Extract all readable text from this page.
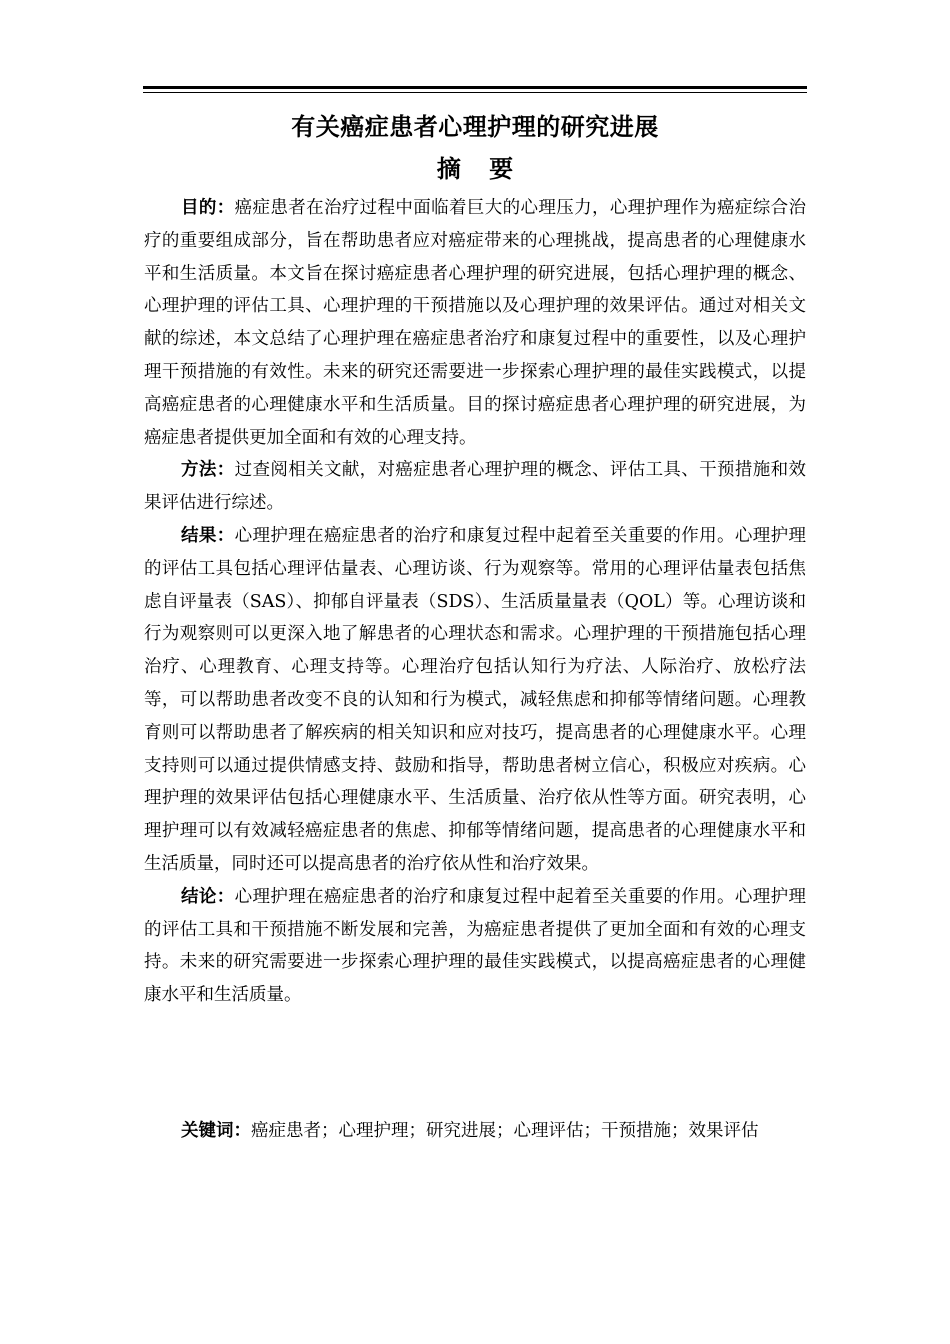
有关癌症患者心理护理的研究进展
摘 要

目的：癌症患者在治疗过程中面临着巨大的心理压力，心理护理作为癌症综合治疗的重要组成部分，旨在帮助患者应对癌症带来的心理挑战，提高患者的心理健康水平和生活质量。本文旨在探讨癌症患者心理护理的研究进展，包括心理护理的概念、心理护理的评估工具、心理护理的干预措施以及心理护理的效果评估。通过对相关文献的综述，本文总结了心理护理在癌症患者治疗和康复过程中的重要性，以及心理护理干预措施的有效性。未来的研究还需要进一步探索心理护理的最佳实践模式，以提高癌症患者的心理健康水平和生活质量。目的探讨癌症患者心理护理的研究进展，为癌症患者提供更加全面和有效的心理支持。

方法：过查阅相关文献，对癌症患者心理护理的概念、评估工具、干预措施和效果评估进行综述。

结果：心理护理在癌症患者的治疗和康复过程中起着至关重要的作用。心理护理的评估工具包括心理评估量表、心理访谈、行为观察等。常用的心理评估量表包括焦虑自评量表（SAS）、抑郁自评量表（SDS）、生活质量量表（QOL）等。心理访谈和行为观察则可以更深入地了解患者的心理状态和需求。心理护理的干预措施包括心理治疗、心理教育、心理支持等。心理治疗包括认知行为疗法、人际治疗、放松疗法等，可以帮助患者改变不良的认知和行为模式，减轻焦虑和抑郁等情绪问题。心理教育则可以帮助患者了解疾病的相关知识和应对技巧，提高患者的心理健康水平。心理支持则可以通过提供情感支持、鼓励和指导，帮助患者树立信心，积极应对疾病。心理护理的效果评估包括心理健康水平、生活质量、治疗依从性等方面。研究表明，心理护理可以有效减轻癌症患者的焦虑、抑郁等情绪问题，提高患者的心理健康水平和生活质量，同时还可以提高患者的治疗依从性和治疗效果。

结论：心理护理在癌症患者的治疗和康复过程中起着至关重要的作用。心理护理的评估工具和干预措施不断发展和完善，为癌症患者提供了更加全面和有效的心理支持。未来的研究需要进一步探索心理护理的最佳实践模式，以提高癌症患者的心理健康水平和生活质量。

关键词：癌症患者；心理护理；研究进展；心理评估；干预措施；效果评估
